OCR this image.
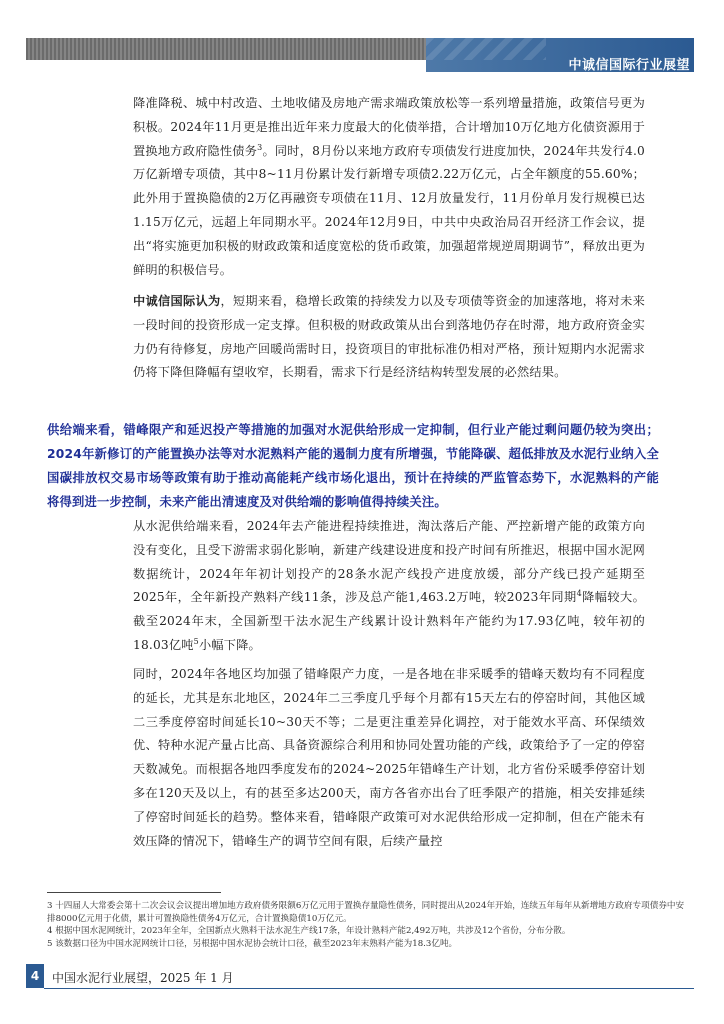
中诚信国际行业展望

降准降税、城中村改造、土地收储及房地产需求端政策放松等一系列增量措施，政策信号更为积极。2024年11月更是推出近年来力度最大的化债举措，合计增加10万亿地方化债资源用于置换地方政府隐性债务$^3$。同时，8月份以来地方政府专项债发行进度加快，2024年共发行4.0万亿新增专项债，其中8~11月份累计发行新增专项债2.22万亿元，占全年额度的55.60%；此外用于置换隐债的2万亿再融资专项债在11月、12月放量发行，11月份单月发行规模已达1.15万亿元，远超上年同期水平。2024年12月9日，中共中央政治局召开经济工作会议，提出“将实施更加积极的财政政策和适度宽松的货币政策，加强超常规逆周期调节”，释放出更为鲜明的积极信号。

中诚信国际认为，短期来看，稳增长政策的持续发力以及专项债等资金的加速落地，将对未来一段时间的投资形成一定支撑。但积极的财政政策从出台到落地仍存在时滞，地方政府资金实力仍有待修复，房地产回暖尚需时日，投资项目的审批标准仍相对严格，预计短期内水泥需求仍将下降但降幅有望收窄，长期看，需求下行是经济结构转型发展的必然结果。

供给端来看，错峰限产和延迟投产等措施的加强对水泥供给形成一定抑制，但行业产能过剩问题仍较为突出；2024年新修订的产能置换办法等对水泥熟料产能的遏制力度有所增强，节能降碳、超低排放及水泥行业纳入全国碳排放权交易市场等政策有助于推动高能耗产线市场化退出，预计在持续的严监管态势下，水泥熟料的产能将得到进一步控制，未来产能出清速度及对供给端的影响值得持续关注。

从水泥供给端来看，2024年去产能进程持续推进，淘汰落后产能、严控新增产能的政策方向没有变化，且受下游需求弱化影响，新建产线建设进度和投产时间有所推迟，根据中国水泥网数据统计，2024年年初计划投产的28条水泥产线投产进度放缓，部分产线已投产延期至2025年，全年新投产熟料产线11条，涉及总产能1,463.2万吨，较2023年同期$^4$降幅较大。截至2024年末，全国新型干法水泥生产线累计设计熟料年产能约为17.93亿吨，较年初的18.03亿吨$^5$小幅下降。

同时，2024年各地区均加强了错峰限产力度，一是各地在非采暖季的错峰天数均有不同程度的延长，尤其是东北地区，2024年二三季度几乎每个月都有15天左右的停窑时间，其他区域二三季度停窑时间延长10~30天不等；二是更注重差异化调控，对于能效水平高、环保绩效优、特种水泥产量占比高、具备资源综合利用和协同处置功能的产线，政策给予了一定的停窑天数减免。而根据各地四季度发布的2024~2025年错峰生产计划，北方省份采暖季停窑计划多在120天及以上，有的甚至多达200天，南方各省亦出台了旺季限产的措施，相关安排延续了停窑时间延长的趋势。整体来看，错峰限产政策可对水泥供给形成一定抑制，但在产能未有效压降的情况下，错峰生产的调节空间有限，后续产量控

3 十四届人大常委会第十二次会议会议提出增加地方政府债务限额6万亿元用于置换存量隐性债务，同时提出从2024年开始，连续五年每年从新增地方政府专项债券中安排8000亿元用于化债，累计可置换隐性债务4万亿元，合计置换隐债10万亿元。

4 根据中国水泥网统计，2023年全年，全国新点火熟料干法水泥生产线17条，年设计熟料产能2,492万吨，共涉及12个省份，分布分散。

5 该数据口径为中国水泥网统计口径，另根据中国水泥协会统计口径，截至2023年末熟料产能为18.3亿吨。

4	中国水泥行业展望，2025 年 1 月
